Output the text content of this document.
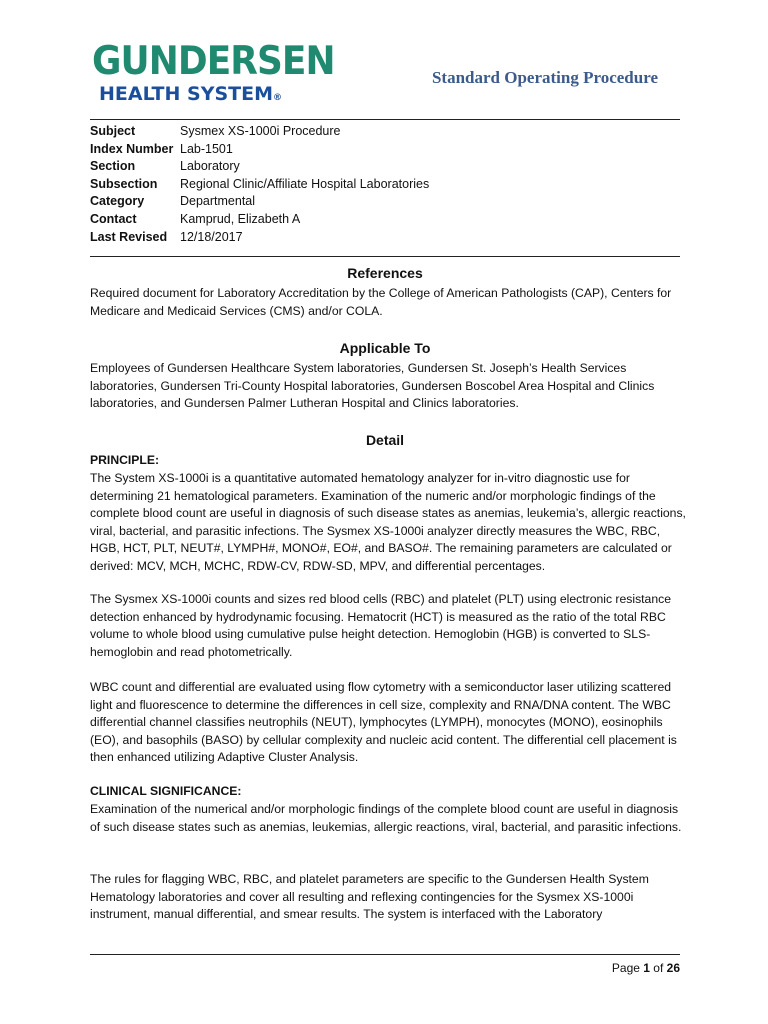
GUNDERSEN
HEALTH SYSTEM®
Standard Operating Procedure
Subject	Sysmex XS-1000i Procedure
Index Number Lab-1501
Section	Laboratory
Subsection	Regional Clinic/Affiliate Hospital Laboratories
Category	Departmental
Contact	Kamprud, Elizabeth A
Last Revised	12/18/2017
References
Required document for Laboratory Accreditation by the College of American Pathologists (CAP), Centers for Medicare and Medicaid Services (CMS) and/or COLA.
Applicable To
Employees of Gundersen Healthcare System laboratories, Gundersen St. Joseph’s Health Services laboratories, Gundersen Tri-County Hospital laboratories, Gundersen Boscobel Area Hospital and Clinics laboratories, and Gundersen Palmer Lutheran Hospital and Clinics laboratories.
Detail
PRINCIPLE:
The System XS-1000i is a quantitative automated hematology analyzer for in-vitro diagnostic use for determining 21 hematological parameters. Examination of the numeric and/or morphologic findings of the complete blood count are useful in diagnosis of such disease states as anemias, leukemia’s, allergic reactions, viral, bacterial, and parasitic infections. The Sysmex XS-1000i analyzer directly measures the WBC, RBC, HGB, HCT, PLT, NEUT#, LYMPH#, MONO#, EO#, and BASO#. The remaining parameters are calculated or derived: MCV, MCH, MCHC, RDW-CV, RDW-SD, MPV, and differential percentages.
The Sysmex XS-1000i counts and sizes red blood cells (RBC) and platelet (PLT) using electronic resistance detection enhanced by hydrodynamic focusing. Hematocrit (HCT) is measured as the ratio of the total RBC volume to whole blood using cumulative pulse height detection. Hemoglobin (HGB) is converted to SLS-hemoglobin and read photometrically.
WBC count and differential are evaluated using flow cytometry with a semiconductor laser utilizing scattered light and fluorescence to determine the differences in cell size, complexity and RNA/DNA content. The WBC differential channel classifies neutrophils (NEUT), lymphocytes (LYMPH), monocytes (MONO), eosinophils (EO), and basophils (BASO) by cellular complexity and nucleic acid content. The differential cell placement is then enhanced utilizing Adaptive Cluster Analysis.
CLINICAL SIGNIFICANCE:
Examination of the numerical and/or morphologic findings of the complete blood count are useful in diagnosis of such disease states such as anemias, leukemias, allergic reactions, viral, bacterial, and parasitic infections.
The rules for flagging WBC, RBC, and platelet parameters are specific to the Gundersen Health System Hematology laboratories and cover all resulting and reflexing contingencies for the Sysmex XS-1000i instrument, manual differential, and smear results. The system is interfaced with the Laboratory
Page 1 of 26
